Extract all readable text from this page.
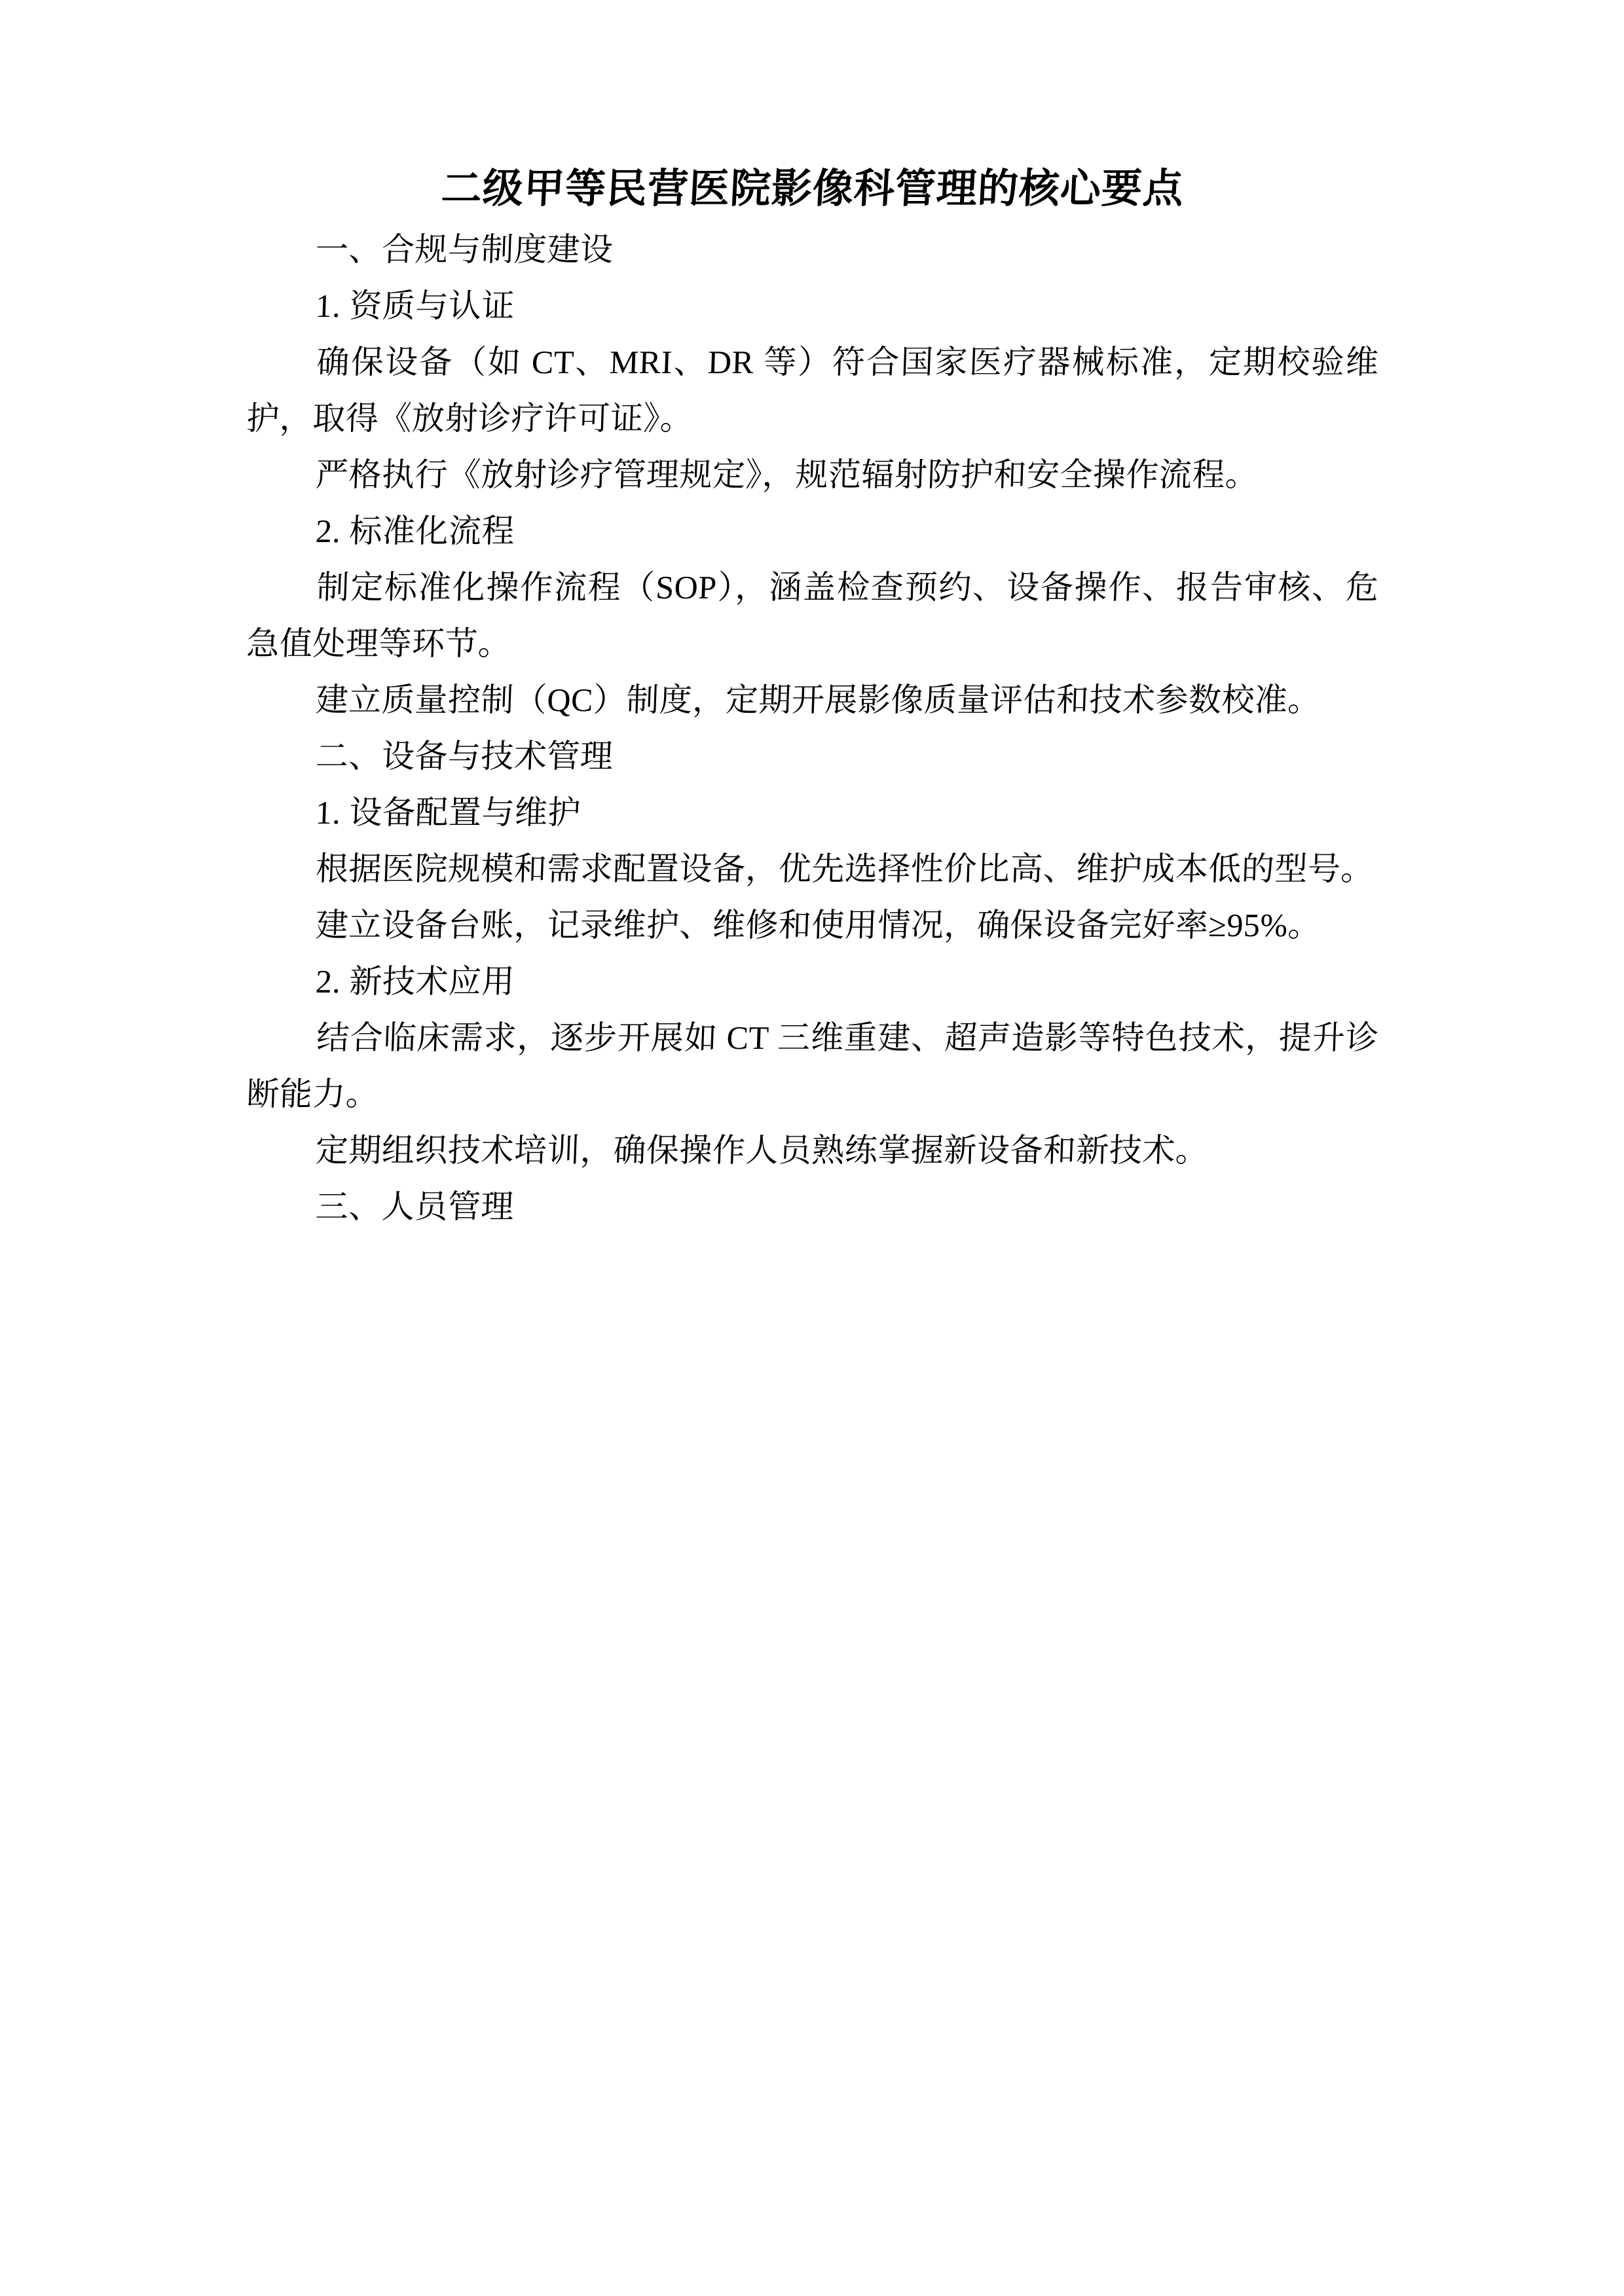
二级甲等民营医院影像科管理的核心要点

一、合规与制度建设

1. 资质与认证

确保设备（如 CT、MRI、DR 等）符合国家医疗器械标准，定期校验维护，取得《放射诊疗许可证》。

严格执行《放射诊疗管理规定》，规范辐射防护和安全操作流程。

2. 标准化流程

制定标准化操作流程（SOP），涵盖检查预约、设备操作、报告审核、危急值处理等环节。

建立质量控制（QC）制度，定期开展影像质量评估和技术参数校准。

二、设备与技术管理

1. 设备配置与维护

根据医院规模和需求配置设备，优先选择性价比高、维护成本低的型号。

建立设备台账，记录维护、维修和使用情况，确保设备完好率≥95%。

2. 新技术应用

结合临床需求，逐步开展如 CT 三维重建、超声造影等特色技术，提升诊断能力。

定期组织技术培训，确保操作人员熟练掌握新设备和新技术。

三、人员管理
